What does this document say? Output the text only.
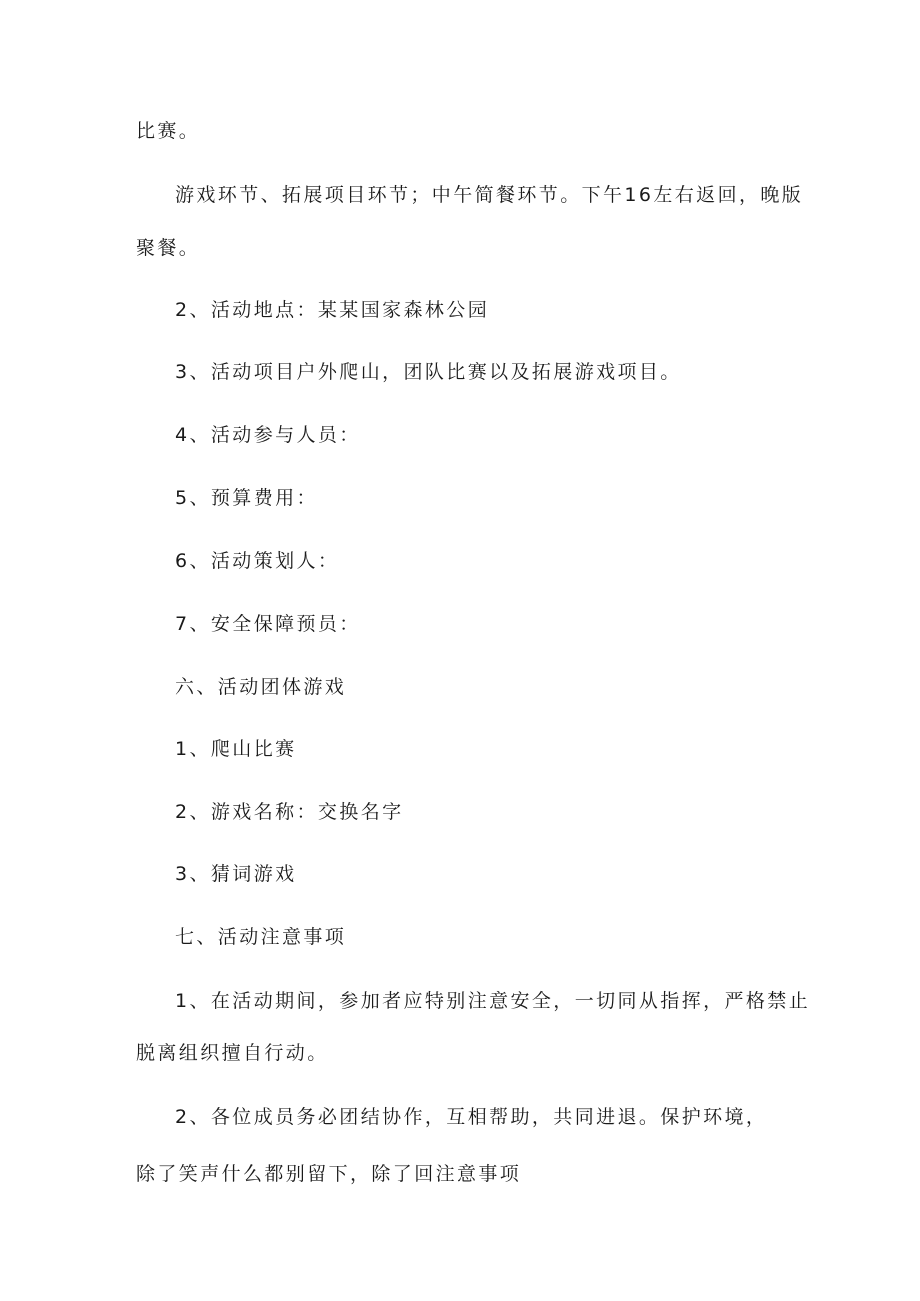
比赛。
游戏环节、拓展项目环节；中午简餐环节。下午16左右返回，晚版
聚餐。
2、活动地点：某某国家森林公园
3、活动项目户外爬山，团队比赛以及拓展游戏项目。
4、活动参与人员：
5、预算费用：
6、活动策划人：
7、安全保障预员：
六、活动团体游戏
1、爬山比赛
2、游戏名称：交换名字
3、猜词游戏
七、活动注意事项
1、在活动期间，参加者应特别注意安全，一切同从指挥，严格禁止
脱离组织擅自行动。
2、各位成员务必团结协作，互相帮助，共同进退。保护环境，
除了笑声什么都别留下，除了回注意事项
